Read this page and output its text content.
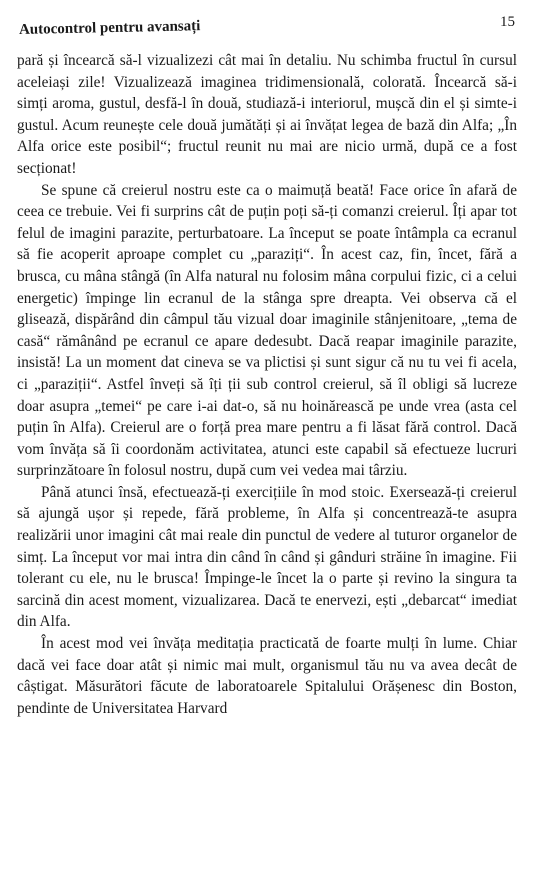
Autocontrol pentru avansați	15

pară și încearcă să-l vizualizezi cât mai în detaliu. Nu schimba fructul în cursul aceleiași zile! Vizualizează imaginea tridimensională, colorată. Încearcă să-i simți aroma, gustul, desfă-l în două, studiază-i interiorul, mușcă din el și simte-i gustul. Acum reunește cele două jumătăți și ai învățat legea de bază din Alfa; „În Alfa orice este posibil“; fructul reunit nu mai are nicio urmă, după ce a fost secționat!

Se spune că creierul nostru este ca o maimuță beată! Face orice în afară de ceea ce trebuie. Vei fi surprins cât de puțin poți să-ți comanzi creierul. Îți apar tot felul de imagini parazite, perturbatoare. La început se poate întâmpla ca ecranul să fie acoperit aproape complet cu „paraziți“. În acest caz, fin, încet, fără a brusca, cu mâna stângă (în Alfa natural nu folosim mâna corpului fizic, ci a celui energetic) împinge lin ecranul de la stânga spre dreapta. Vei observa că el glisează, dispărând din câmpul tău vizual doar imaginile stânjenitoare, „tema de casă“ rămânând pe ecranul ce apare dedesubt. Dacă reapar imaginile parazite, insistă! La un moment dat cineva se va plictisi și sunt sigur că nu tu vei fi acela, ci „paraziții“. Astfel înveți să îți ții sub control creierul, să îl obligi să lucreze doar asupra „temei“ pe care i-ai dat-o, să nu hoinărească pe unde vrea (asta cel puțin în Alfa). Creierul are o forță prea mare pentru a fi lăsat fără control. Dacă vom învăța să îi coordonăm activitatea, atunci este capabil să efectueze lucruri surprinzătoare în folosul nostru, după cum vei vedea mai târziu.

Până atunci însă, efectuează-ți exercițiile în mod stoic. Exersează-ți creierul să ajungă ușor și repede, fără probleme, în Alfa și concentrează-te asupra realizării unor imagini cât mai reale din punctul de vedere al tuturor organelor de simț. La început vor mai intra din când în când și gânduri străine în imagine. Fii tolerant cu ele, nu le brusca! Împinge-le încet la o parte și revino la singura ta sarcină din acest moment, vizualizarea. Dacă te enervezi, ești „debarcat“ imediat din Alfa.

În acest mod vei învăța meditația practicată de foarte mulți în lume. Chiar dacă vei face doar atât și nimic mai mult, organismul tău nu va avea decât de câștigat. Măsurători făcute de laboratoarele Spitalului Orășenesc din Boston, pendinte de Universitatea Harvard
